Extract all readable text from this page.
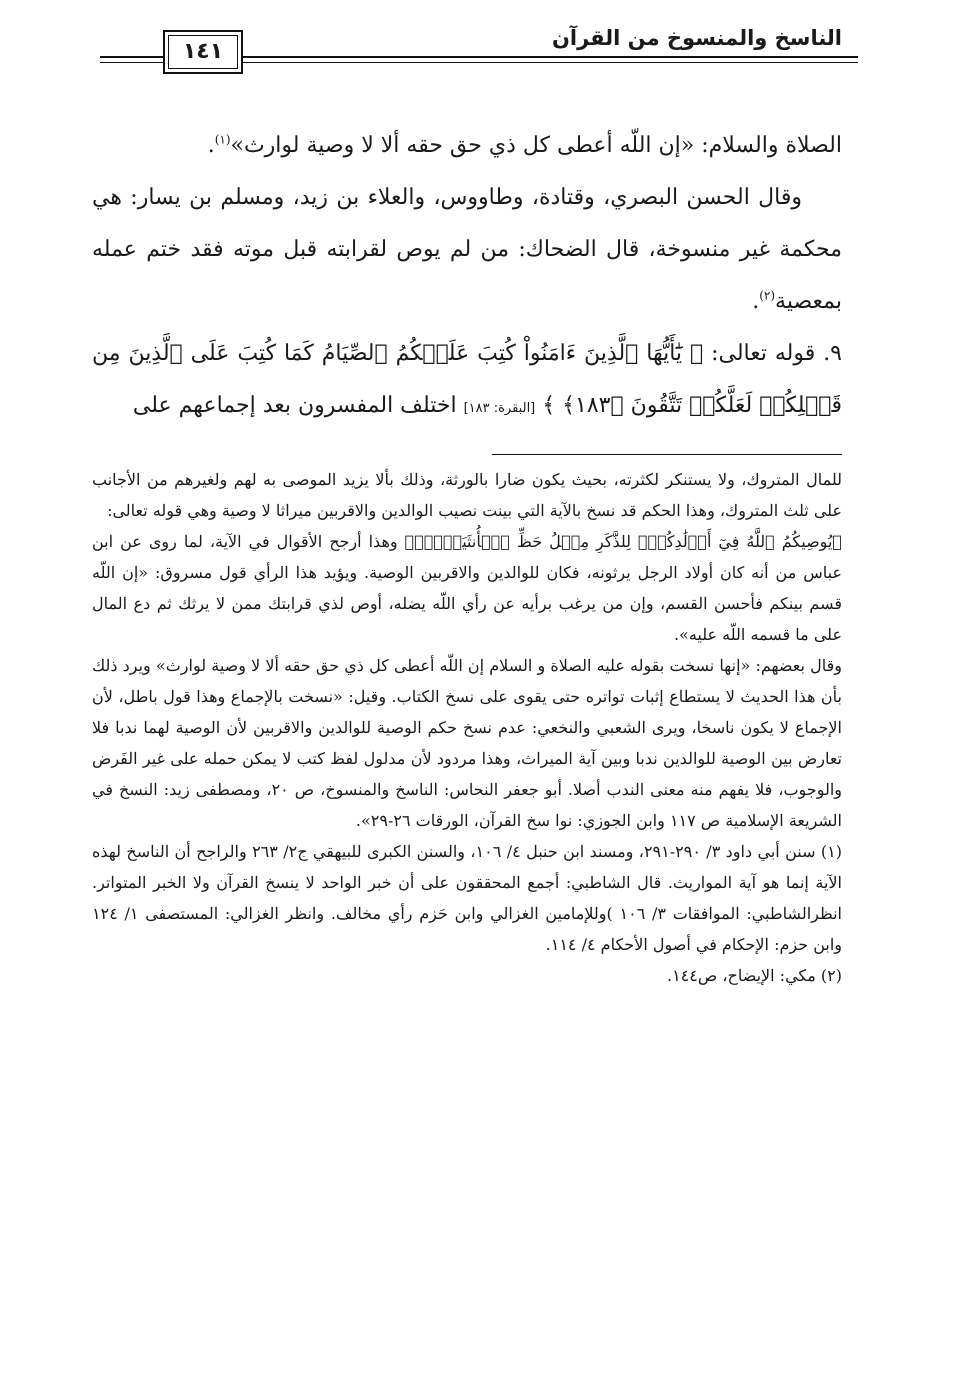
الناسخ والمنسوخ من القرآن
١٤١

الصلاة والسلام: «إن اللّه أعطى كل ذي حق حقه ألا لا وصية لوارث»$^{(١)}$.

وقال الحسن البصري، وقتادة، وطاووس، والعلاء بن زيد، ومسلم بن يسار: هي محكمة غير منسوخة، قال الضحاك: من لم يوص لقرابته قبل موته فقد ختم عمله بمعصية$^{(٢)}$.

٩. قوله تعالى: ﴿ يَٰٓأَيُّهَا ٱلَّذِينَ ءَامَنُواْ كُتِبَ عَلَيۡكُمُ ٱلصِّيَامُ كَمَا كُتِبَ عَلَى ٱلَّذِينَ مِن قَبۡلِكُمۡ لَعَلَّكُمۡ تَتَّقُونَ ﴿١٨٣﴾ ﴾ [البقرة: ١٨٣] اختلف المفسرون بعد إجماعهم على

للمال المتروك، ولا يستنكر لكثرته، بحيث يكون ضارا بالورثة، وذلك بألا يزيد الموصى به لهم ولغيرهم من الأجانب على ثلث المتروك، وهذا الحكم قد نسخ بالآية التي بينت نصيب الوالدين والاقربين ميراثا لا وصية وهي قوله تعالى:

﴿يُوصِيكُمُ ٱللَّهُ فِيٓ أَوۡلَٰدِكُمۡۖ لِلذَّكَرِ مِثۡلُ حَظِّ ٱلۡأُنثَيَيۡنِۚ﴾ وهذا أرجح الأقوال في الآية، لما روى عن ابن عباس من أنه كان أولاد الرجل يرثونه، فكان للوالدين والاقربين الوصية. ويؤيد هذا الرأي قول مسروق: «إن اللّه قسم بينكم فأحسن القسم، وإن من يرغب برأيه عن رأي اللّه يضله، أوص لذي قرابتك ممن لا يرثك ثم دع المال على ما قسمه اللّه عليه».

وقال بعضهم: «إنها نسخت بقوله عليه الصلاة و السلام إن اللّه أعطى كل ذي حق حقه ألا لا وصية لوارث» ويرد ذلك بأن هذا الحديث لا يستطاع إثبات تواتره حتى يقوى على نسخ الكتاب. وقيل: «نسخت بالإجماع وهذا قول باطل، لأن الإجماع لا يكون ناسخا، ويرى الشعبي والنخعي: عدم نسخ حكم الوصية للوالدين والاقربين لأن الوصية لهما ندبا فلا تعارض بين الوصية للوالدين ندبا وبين آية الميراث، وهذا مردود لأن مدلول لفظ كتب لا يمكن حمله على غير الفَرض والوجوب، فلا يفهم منه معنى الندب أصلا. أبو جعفر النحاس: الناسخ والمنسوخ، ص ٢٠، ومصطفى زيد: النسخ في الشريعة الإسلامية ص ١١٧ وابن الجوزي: نوا سخ القرآن، الورقات ٢٦-٢٩».

(١) سنن أبي داود ٣/ ٢٩٠-٢٩١، ومسند ابن حنبل ٤/ ١٠٦، والسنن الكبرى للبيهقي ج٢/ ٢٦٣ والراجح أن الناسخ لهذه الآية إنما هو آية المواريث. قال الشاطبي: أجمع المحققون على أن خبر الواحد لا ينسخ القرآن ولا الخبر المتواتر. انظرالشاطبي: الموافقات ٣/ ١٠٦ )وللإمامين الغزالي وابن حَزم رأي مخالف. وانظر الغزالي: المستصفى ١/ ١٢٤ وابن حزم: الإحكام في أصول الأحكام ٤/ ١١٤.

(٢) مكي: الإيضاح، ص١٤٤.
